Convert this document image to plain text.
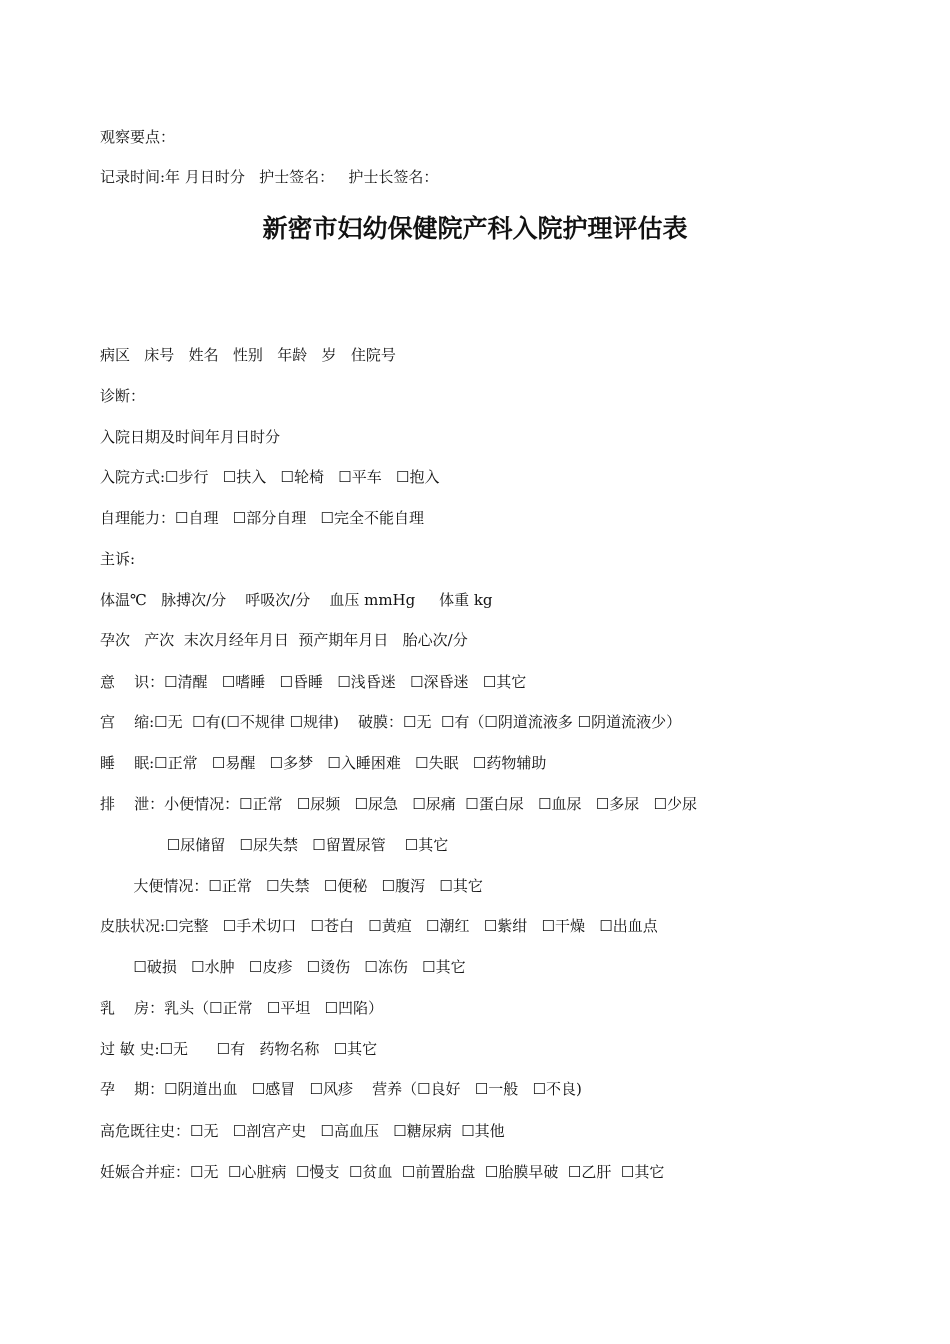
观察要点：

记录时间:年 月日时分   护士签名：   护士长签名：

新密市妇幼保健院产科入院护理评估表

病区   床号   姓名   性别   年龄   岁   住院号

诊断：

入院日期及时间年月日时分

入院方式:☐步行   ☐扶入   ☐轮椅   ☐平车   ☐抱入

自理能力：☐自理   ☐部分自理   ☐完全不能自理

主诉:

体温℃   脉搏次/分    呼吸次/分    血压 mmHg     体重 kg

孕次   产次  末次月经年月日  预产期年月日   胎心次/分

意    识：☐清醒   ☐嗜睡   ☐昏睡   ☐浅昏迷   ☐深昏迷   ☐其它

宫    缩:☐无  ☐有(☐不规律 ☐规律)    破膜：☐无  ☐有（☐阴道流液多 ☐阴道流液少）

睡    眠:☐正常   ☐易醒   ☐多梦   ☐入睡困难   ☐失眠   ☐药物辅助

排    泄：小便情况：☐正常   ☐尿频   ☐尿急   ☐尿痛  ☐蛋白尿   ☐血尿   ☐多尿   ☐少尿

☐尿储留   ☐尿失禁   ☐留置尿管    ☐其它

大便情况：☐正常   ☐失禁   ☐便秘   ☐腹泻   ☐其它

皮肤状况:☐完整   ☐手术切口   ☐苍白   ☐黄疸   ☐潮红   ☐紫绀   ☐干燥   ☐出血点

☐破损   ☐水肿   ☐皮疹   ☐烫伤   ☐冻伤   ☐其它

乳    房：乳头（☐正常   ☐平坦   ☐凹陷）

过 敏 史:☐无      ☐有   药物名称   ☐其它

孕    期：☐阴道出血   ☐感冒   ☐风疹    营养（☐良好   ☐一般   ☐不良)

高危既往史：☐无   ☐剖宫产史   ☐高血压   ☐糖尿病  ☐其他

妊娠合并症：☐无  ☐心脏病  ☐慢支  ☐贫血  ☐前置胎盘  ☐胎膜早破  ☐乙肝  ☐其它
